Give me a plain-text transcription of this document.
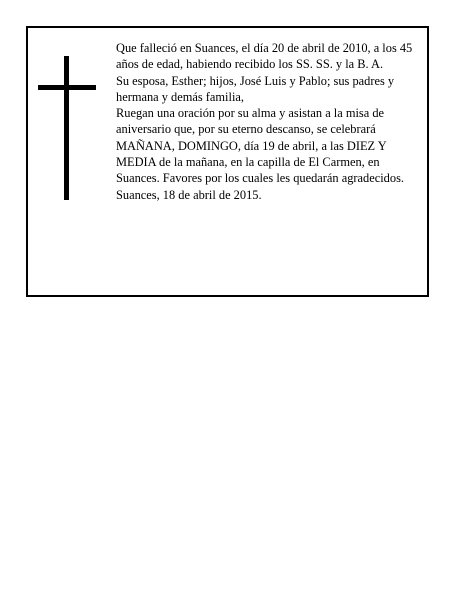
Que falleció en Suances, el día 20 de abril de 2010, a los 45 años de edad, habiendo recibido los SS. SS. y la B. A.

Su esposa, Esther; hijos, José Luis y Pablo; sus padres y hermana y demás familia,

Ruegan una oración por su alma y asistan a la misa de aniversario que, por su eterno descanso, se celebrará MAÑANA, DOMINGO, día 19 de abril, a las DIEZ Y MEDIA de la mañana, en la capilla de El Carmen, en Suances. Favores por los cuales les quedarán agradecidos.

Suances, 18 de abril de 2015.
